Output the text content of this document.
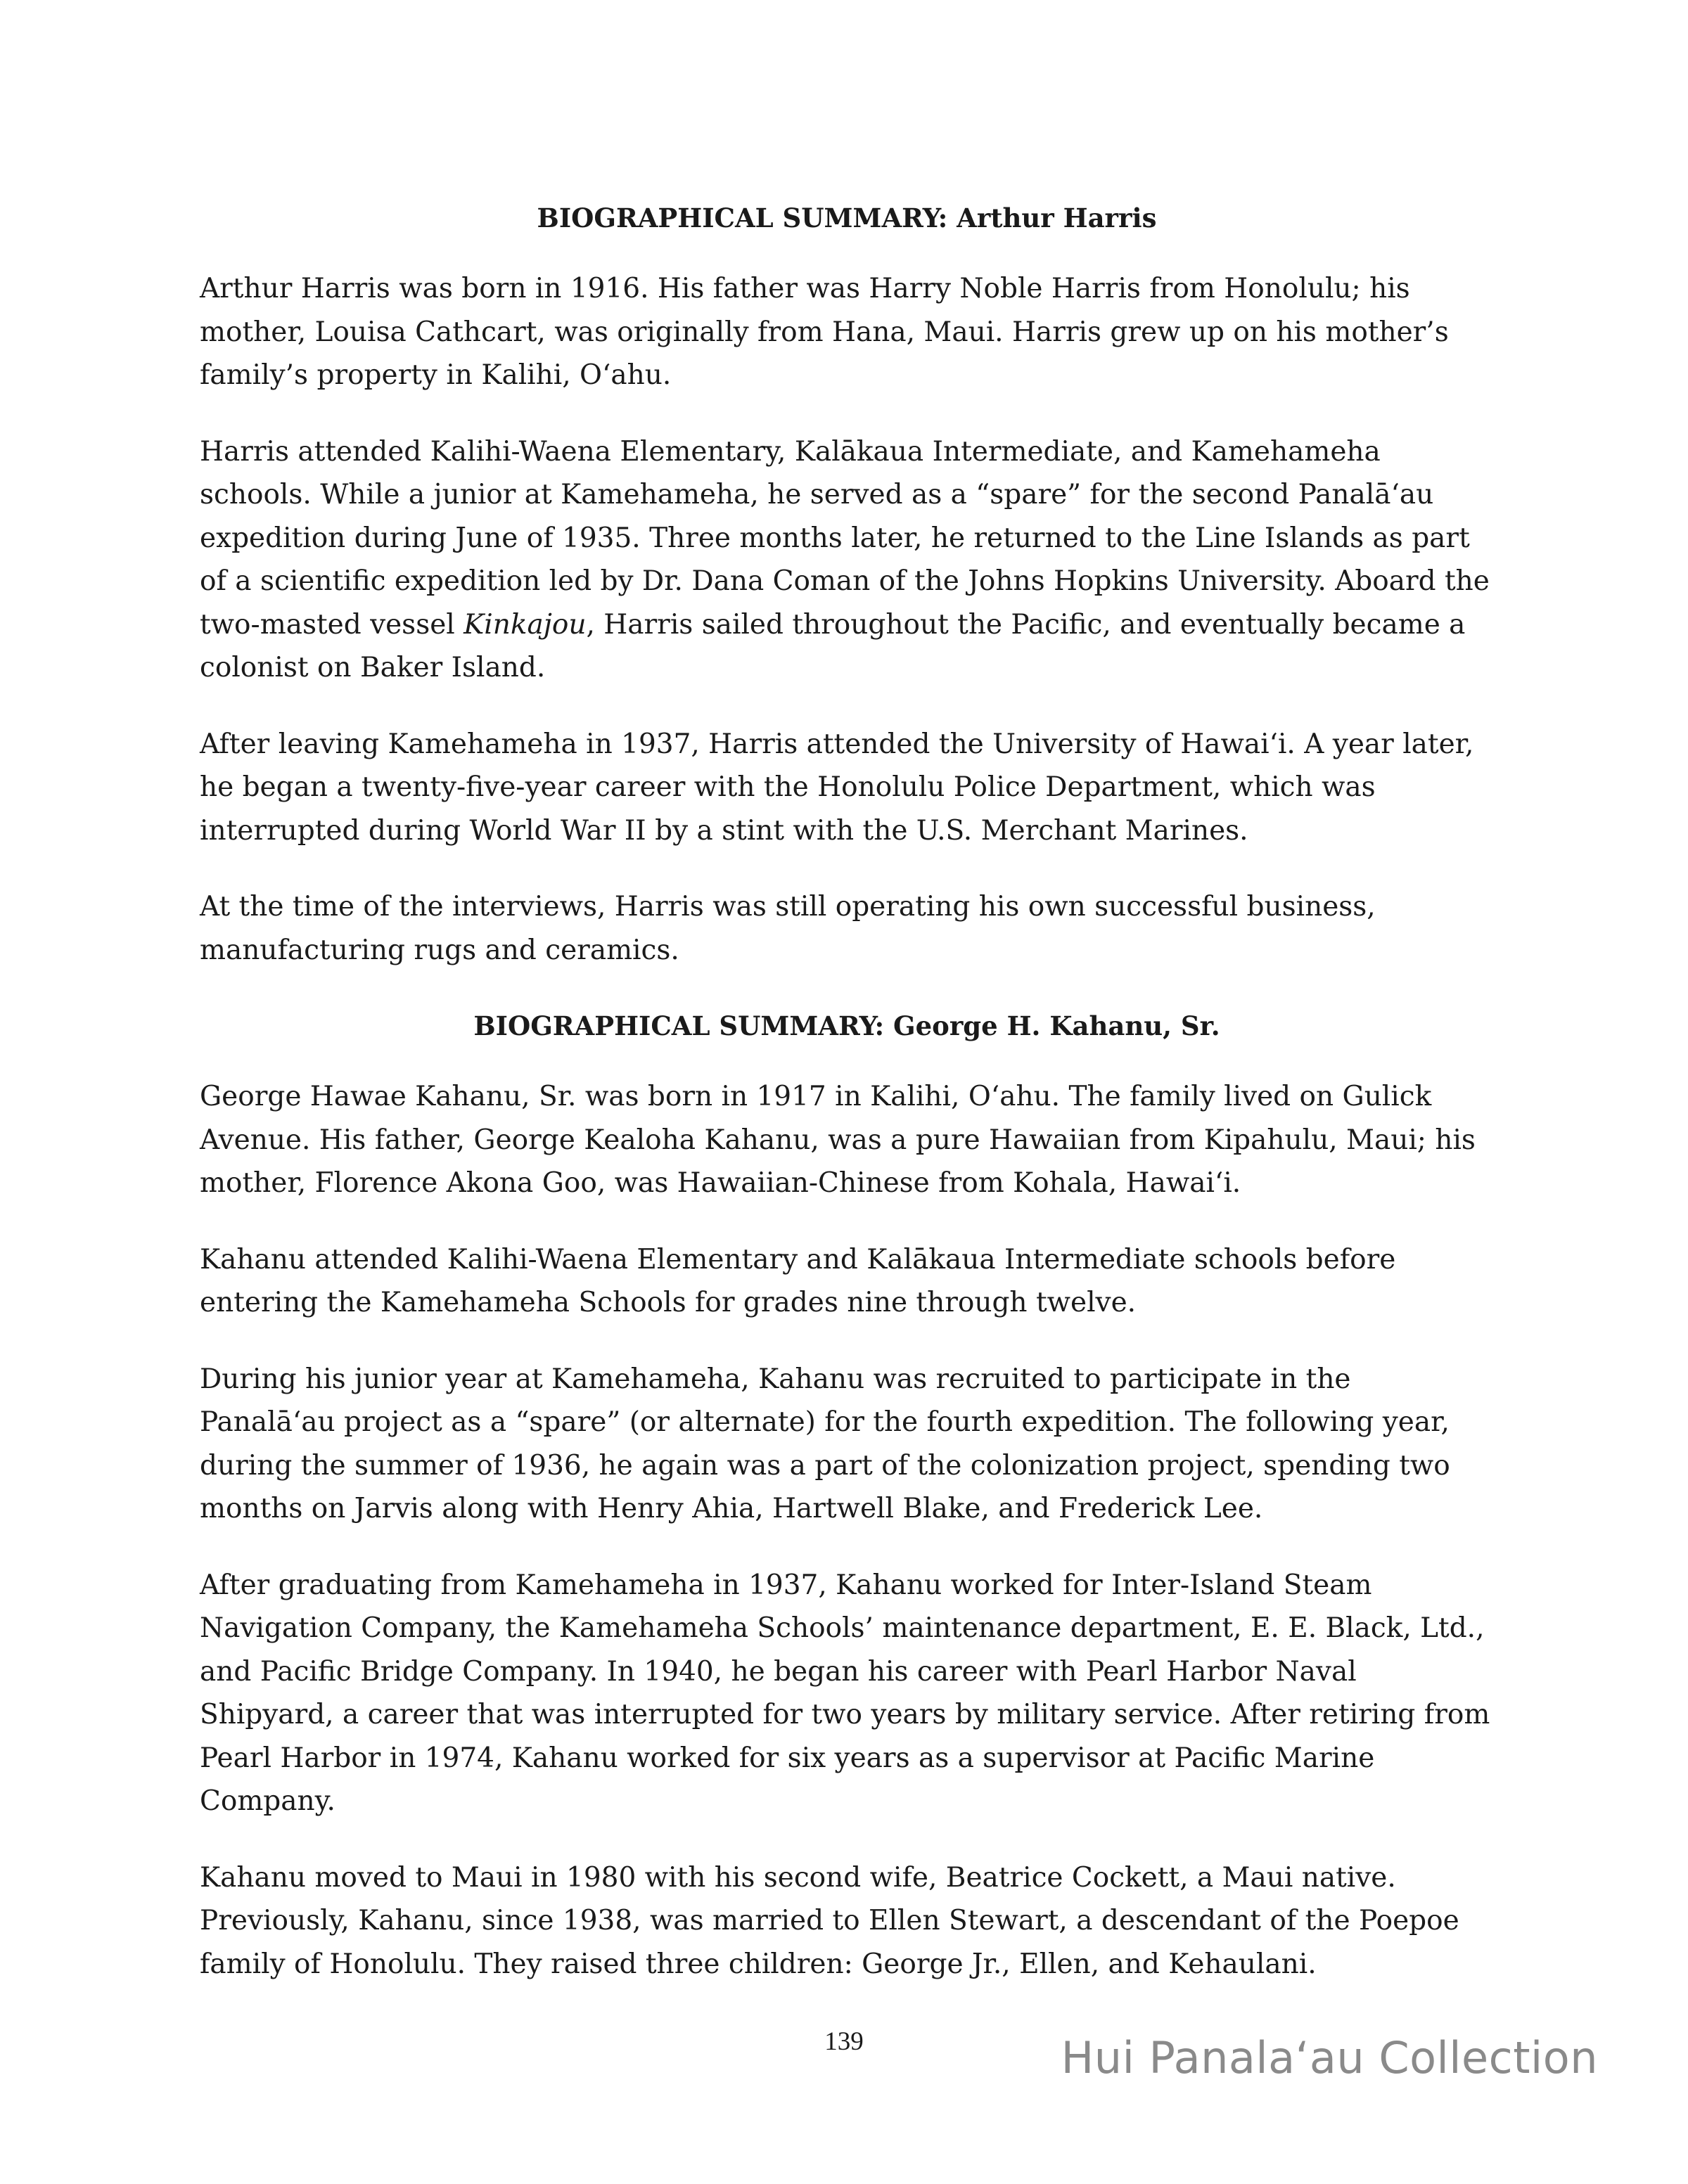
BIOGRAPHICAL SUMMARY: Arthur Harris

Arthur Harris was born in 1916. His father was Harry Noble Harris from Honolulu; his mother, Louisa Cathcart, was originally from Hana, Maui. Harris grew up on his mother’s family’s property in Kalihi, O‘ahu.

Harris attended Kalihi-Waena Elementary, Kalākaua Intermediate, and Kamehameha schools. While a junior at Kamehameha, he served as a “spare” for the second Panalā‘au expedition during June of 1935. Three months later, he returned to the Line Islands as part of a scientific expedition led by Dr. Dana Coman of the Johns Hopkins University. Aboard the two-masted vessel Kinkajou, Harris sailed throughout the Pacific, and eventually became a colonist on Baker Island.

After leaving Kamehameha in 1937, Harris attended the University of Hawai‘i. A year later, he began a twenty-five-year career with the Honolulu Police Department, which was interrupted during World War II by a stint with the U.S. Merchant Marines.

At the time of the interviews, Harris was still operating his own successful business, manufacturing rugs and ceramics.

BIOGRAPHICAL SUMMARY: George H. Kahanu, Sr.

George Hawae Kahanu, Sr. was born in 1917 in Kalihi, O‘ahu. The family lived on Gulick Avenue. His father, George Kealoha Kahanu, was a pure Hawaiian from Kipahulu, Maui; his mother, Florence Akona Goo, was Hawaiian-Chinese from Kohala, Hawai‘i.

Kahanu attended Kalihi-Waena Elementary and Kalākaua Intermediate schools before entering the Kamehameha Schools for grades nine through twelve.

During his junior year at Kamehameha, Kahanu was recruited to participate in the Panalā‘au project as a “spare” (or alternate) for the fourth expedition. The following year, during the summer of 1936, he again was a part of the colonization project, spending two months on Jarvis along with Henry Ahia, Hartwell Blake, and Frederick Lee.

After graduating from Kamehameha in 1937, Kahanu worked for Inter-Island Steam Navigation Company, the Kamehameha Schools’ maintenance department, E. E. Black, Ltd., and Pacific Bridge Company. In 1940, he began his career with Pearl Harbor Naval Shipyard, a career that was interrupted for two years by military service. After retiring from Pearl Harbor in 1974, Kahanu worked for six years as a supervisor at Pacific Marine Company.

Kahanu moved to Maui in 1980 with his second wife, Beatrice Cockett, a Maui native. Previously, Kahanu, since 1938, was married to Ellen Stewart, a descendant of the Poepoe family of Honolulu. They raised three children: George Jr., Ellen, and Kehaulani.

139	Hui Panala‘au Collection
